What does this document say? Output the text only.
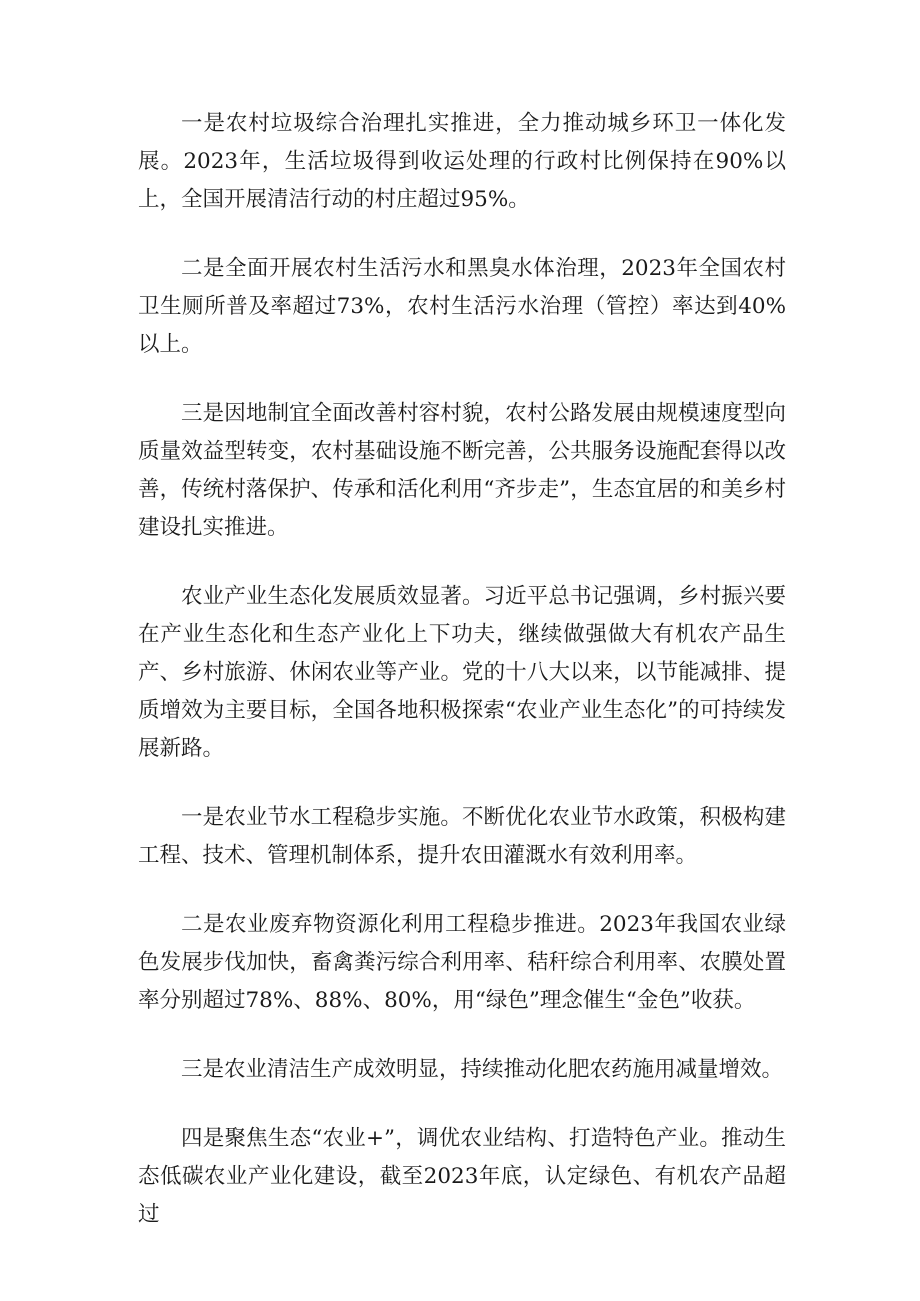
一是农村垃圾综合治理扎实推进，全力推动城乡环卫一体化发展。2023年，生活垃圾得到收运处理的行政村比例保持在90%以上，全国开展清洁行动的村庄超过95%。

二是全面开展农村生活污水和黑臭水体治理，2023年全国农村卫生厕所普及率超过73%，农村生活污水治理（管控）率达到40%以上。

三是因地制宜全面改善村容村貌，农村公路发展由规模速度型向质量效益型转变，农村基础设施不断完善，公共服务设施配套得以改善，传统村落保护、传承和活化利用“齐步走”，生态宜居的和美乡村建设扎实推进。

农业产业生态化发展质效显著。习近平总书记强调，乡村振兴要在产业生态化和生态产业化上下功夫，继续做强做大有机农产品生产、乡村旅游、休闲农业等产业。党的十八大以来，以节能减排、提质增效为主要目标，全国各地积极探索“农业产业生态化”的可持续发展新路。

一是农业节水工程稳步实施。不断优化农业节水政策，积极构建工程、技术、管理机制体系，提升农田灌溉水有效利用率。

二是农业废弃物资源化利用工程稳步推进。2023年我国农业绿色发展步伐加快，畜禽粪污综合利用率、秸秆综合利用率、农膜处置率分别超过78%、88%、80%，用“绿色”理念催生“金色”收获。

三是农业清洁生产成效明显，持续推动化肥农药施用减量增效。

四是聚焦生态“农业+”，调优农业结构、打造特色产业。推动生态低碳农业产业化建设，截至2023年底，认定绿色、有机农产品超过
